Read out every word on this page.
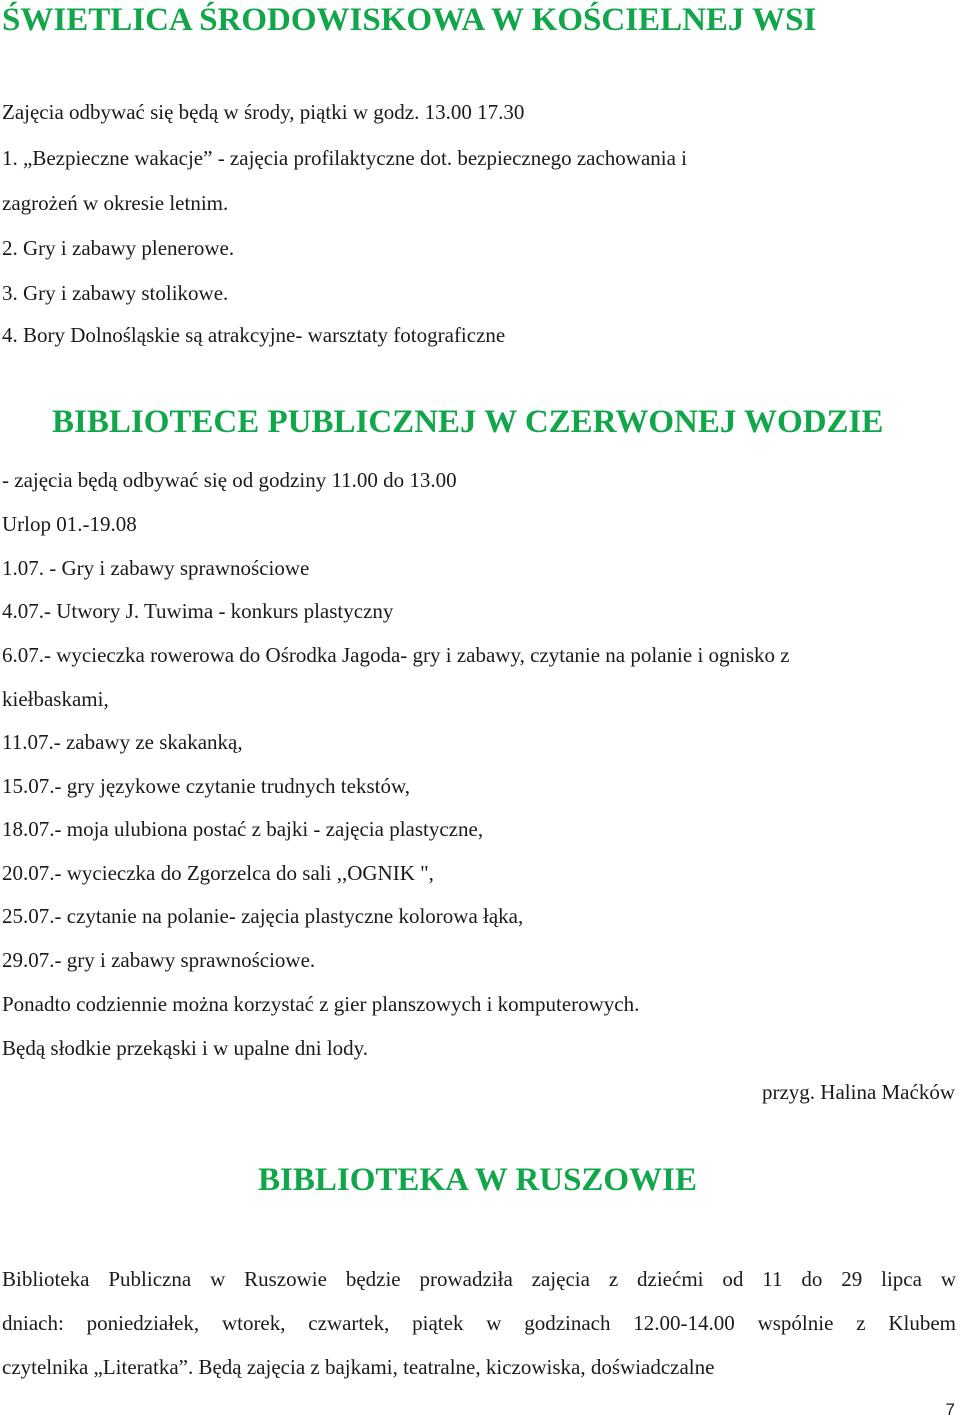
ŚWIETLICA ŚRODOWISKOWA W KOŚCIELNEJ WSI
Zajęcia odbywać się będą w środy, piątki w godz. 13.00 17.30
1. „Bezpieczne wakacje” - zajęcia profilaktyczne dot. bezpiecznego zachowania i
zagrożeń w okresie letnim.
2. Gry i zabawy plenerowe.
3. Gry i zabawy stolikowe.
4. Bory Dolnośląskie są atrakcyjne- warsztaty fotograficzne
BIBLIOTECE PUBLICZNEJ W CZERWONEJ WODZIE
- zajęcia będą odbywać się od godziny 11.00 do 13.00
Urlop 01.-19.08
1.07. - Gry i zabawy sprawnościowe
4.07.- Utwory J. Tuwima - konkurs plastyczny
6.07.- wycieczka rowerowa do Ośrodka Jagoda- gry i zabawy, czytanie na polanie i ognisko z
kiełbaskami,
11.07.- zabawy ze skakanką,
15.07.- gry językowe czytanie trudnych tekstów,
18.07.- moja ulubiona postać z bajki - zajęcia plastyczne,
20.07.- wycieczka do Zgorzelca do sali ,,OGNIK ",
25.07.- czytanie na polanie- zajęcia plastyczne kolorowa łąka,
29.07.- gry i zabawy sprawnościowe.
Ponadto codziennie można korzystać z gier planszowych i komputerowych.
Będą słodkie przekąski i w upalne dni lody.
przyg. Halina Maćków
BIBLIOTEKA W RUSZOWIE
Biblioteka Publiczna w Ruszowie będzie prowadziła zajęcia z dziećmi od 11 do 29 lipca w
dniach: poniedziałek, wtorek, czwartek, piątek w godzinach 12.00-14.00 wspólnie z Klubem
czytelnika „Literatka”. Będą zajęcia z bajkami, teatralne, kiczowiska, doświadczalne
7
